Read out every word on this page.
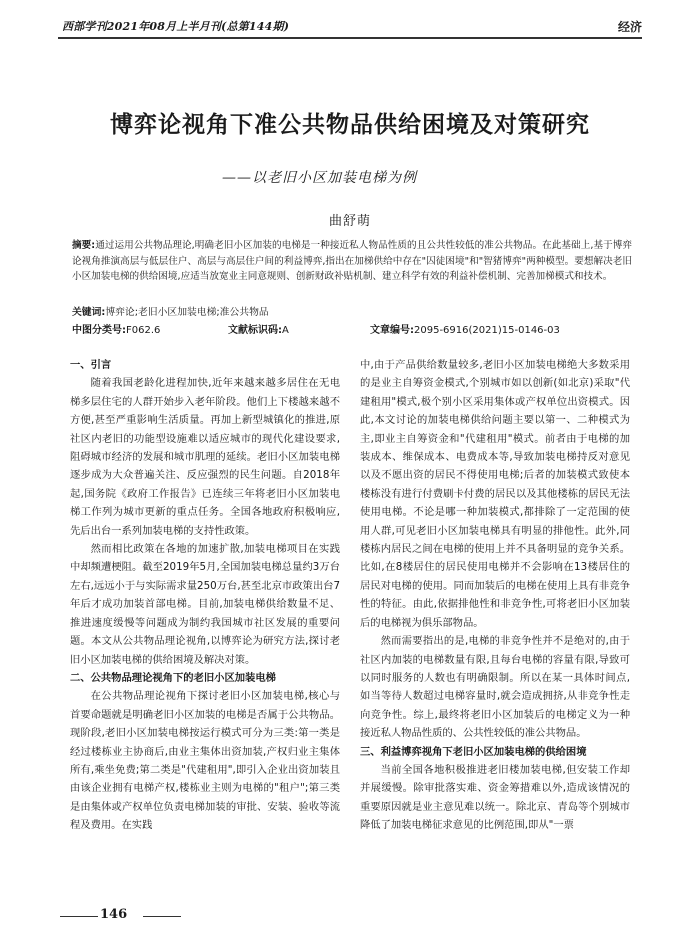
西部学刊2021年08月上半月刊(总第144期)	经济
博弈论视角下准公共物品供给困境及对策研究
——以老旧小区加装电梯为例
曲舒萌
摘要:通过运用公共物品理论,明确老旧小区加装的电梯是一种接近私人物品性质的且公共性较低的准公共物品。在此基础上,基于博弈论视角推演高层与低层住户、高层与高层住户间的利益博弈,指出在加梯供给中存在"囚徒困境"和"智猪博弈"两种模型。要想解决老旧小区加装电梯的供给困境,应适当放宽业主同意规则、创新财政补贴机制、建立科学有效的利益补偿机制、完善加梯模式和技术。
关键词:博弈论;老旧小区加装电梯;准公共物品
中图分类号:F062.6	文献标识码:A	文章编号:2095-6916(2021)15-0146-03
一、引言

随着我国老龄化进程加快,近年来越来越多居住在无电梯多层住宅的人群开始步入老年阶段。他们上下楼越来越不方便,甚至严重影响生活质量。再加上新型城镇化的推进,原社区内老旧的功能型设施难以适应城市的现代化建设要求,阻碍城市经济的发展和城市肌理的延续。老旧小区加装电梯逐步成为大众普遍关注、反应强烈的民生问题。自2018年起,国务院《政府工作报告》已连续三年将老旧小区加装电梯工作列为城市更新的重点任务。全国各地政府积极响应,先后出台一系列加装电梯的支持性政策。

然而相比政策在各地的加速扩散,加装电梯项目在实践中却频遭梗阻。截至2019年5月,全国加装电梯总量约3万台左右,远远小于与实际需求量250万台,甚至北京市政策出台7年后才成功加装首部电梯。目前,加装电梯供给数量不足、推进速度缓慢等问题成为制约我国城市社区发展的重要问题。本文从公共物品理论视角,以博弈论为研究方法,探讨老旧小区加装电梯的供给困境及解决对策。

二、公共物品理论视角下的老旧小区加装电梯

在公共物品理论视角下探讨老旧小区加装电梯,核心与首要命题就是明确老旧小区加装的电梯是否属于公共物品。现阶段,老旧小区加装电梯按运行模式可分为三类:第一类是经过楼栋业主协商后,由业主集体出资加装,产权归业主集体所有,乘坐免费;第二类是"代建租用",即引入企业出资加装且由该企业拥有电梯产权,楼栋业主则为电梯的"租户";第三类是由集体或产权单位负责电梯加装的审批、安装、验收等流程及费用。在实践

中,由于产品供给数量较多,老旧小区加装电梯绝大多数采用的是业主自筹资金模式,个别城市如以创新(如北京)采取"代建租用"模式,极个别小区采用集体或产权单位出资模式。因此,本文讨论的加装电梯供给问题主要以第一、二种模式为主,即业主自筹资金和"代建租用"模式。前者由于电梯的加装成本、维保成本、电费成本等,导致加装电梯持反对意见以及不愿出资的居民不得使用电梯;后者的加装模式致使本楼栋没有进行付费刷卡付费的居民以及其他楼栋的居民无法使用电梯。不论是哪一种加装模式,都排除了一定范围的使用人群,可见老旧小区加装电梯具有明显的排他性。此外,同楼栋内居民之间在电梯的使用上并不具备明显的竞争关系。比如,在8楼居住的居民使用电梯并不会影响在13楼居住的居民对电梯的使用。同而加装后的电梯在使用上具有非竞争性的特征。由此,依据排他性和非竞争性,可将老旧小区加装后的电梯视为俱乐部物品。

然而需要指出的是,电梯的非竞争性并不是绝对的,由于社区内加装的电梯数量有限,且每台电梯的容量有限,导致可以同时服务的人数也有明确限制。所以在某一具体时间点,如当等待人数超过电梯容量时,就会造成拥挤,从非竞争性走向竞争性。综上,最终将老旧小区加装后的电梯定义为一种接近私人物品性质的、公共性较低的准公共物品。

三、利益博弈视角下老旧小区加装电梯的供给困境

当前全国各地积极推进老旧楼加装电梯,但安装工作却并展缓慢。除审批落实难、资金筹措难以外,造成该情况的重要原因就是业主意见难以统一。除北京、青岛等个别城市降低了加装电梯征求意见的比例范围,即从"一票

146
